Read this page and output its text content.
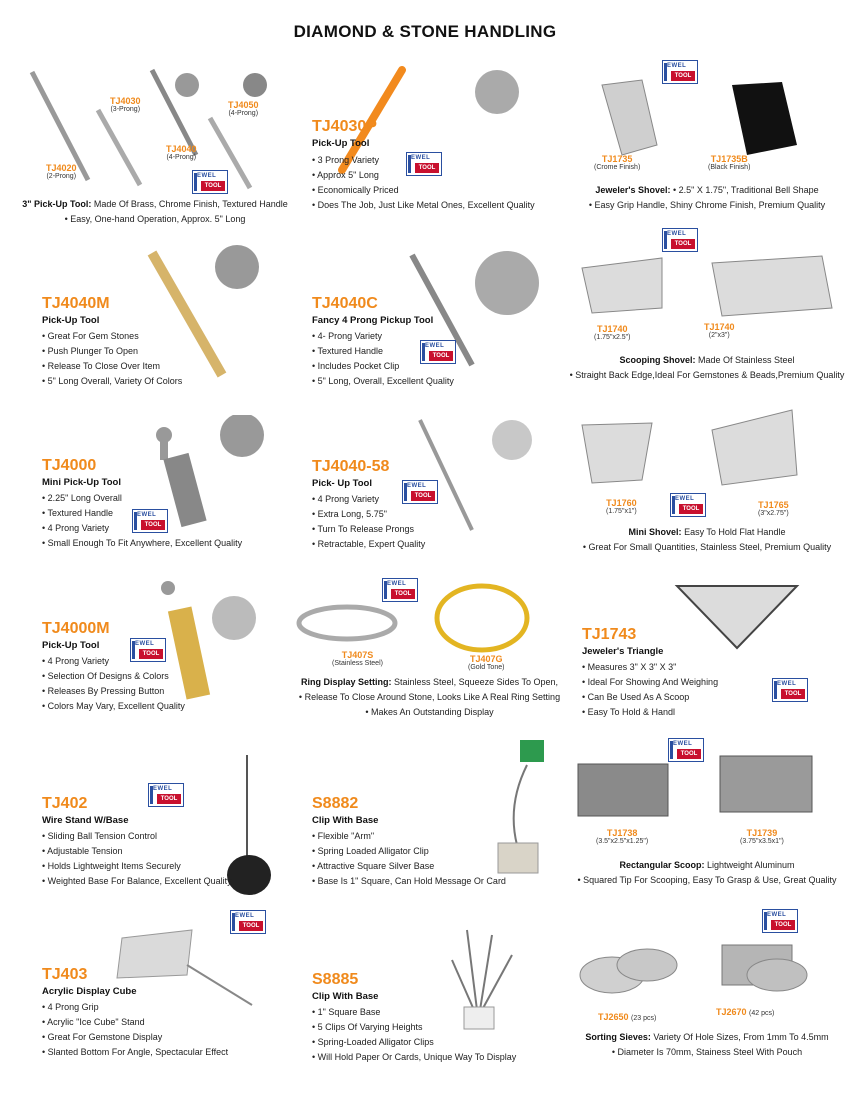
DIAMOND & STONE HANDLING
TJ4030
(3-Prong)	TJ4050
(4-Prong)
TJ4040
(4-Prong)
TJ4020
(2-Prong)	EWEL
TOOL
3" Pick-Up Tool: Made Of Brass, Chrome Finish, Textured Handle
• Easy, One-hand Operation, Approx. 5" Long
TJ4030P
Pick-Up Tool
• 3 Prong Variety
• Approx 5" Long
• Economically Priced
• Does The Job, Just Like Metal Ones, Excellent Quality
EWEL
TOOL
EWEL
TOOL
TJ1735
(Crome Finish)
TJ1735B
(Black Finish)
Jeweler's Shovel: • 2.5" X 1.75", Traditional Bell Shape
• Easy Grip Handle, Shiny Chrome Finish, Premium Quality
TJ4040M
Pick-Up Tool
• Great For Gem Stones
• Push Plunger To Open
• Release To Close Over Item
• 5" Long Overall, Variety Of Colors
TJ4040C
Fancy 4 Prong Pickup Tool
• 4- Prong Variety
• Textured Handle
• Includes Pocket Clip
• 5" Long, Overall, Excellent Quality
EWEL
TOOL
EWEL
TOOL
TJ1740
(1.75"x2.5")
TJ1740
(2"x3")
Scooping Shovel: Made Of Stainless Steel
• Straight Back Edge,Ideal For Gemstones & Beads,Premium Quality
TJ4000
Mini Pick-Up Tool
• 2.25" Long Overall
• Textured Handle
• 4 Prong Variety
• Small Enough To Fit Anywhere, Excellent Quality
EWEL
TOOL
TJ4040-58
Pick- Up Tool
• 4 Prong Variety
• Extra Long, 5.75"
• Turn To Release Prongs
• Retractable, Expert Quality
EWEL
TOOL
TJ1760
(1.75"x1")
EWEL
TOOL	TJ1765
(3"x2.75")
Mini Shovel: Easy To Hold Flat Handle
• Great For Small Quantities, Stainless Steel, Premium Quality
TJ4000M
Pick-Up Tool
• 4 Prong Variety
• Selection Of Designs & Colors
• Releases By Pressing Button
• Colors May Vary, Excellent Quality
EWEL
TOOL
EWEL
TOOL
TJ407S
(Stainless Steel)	TJ407G
(Gold Tone)
Ring Display Setting: Stainless Steel, Squeeze Sides To Open,
• Release To Close Around Stone, Looks Like A Real Ring Setting
• Makes An Outstanding Display
TJ1743
Jeweler's Triangle
• Measures 3" X 3" X 3"
• Ideal For Showing And Weighing
• Can Be Used As A Scoop
• Easy To Hold & Handl
EWEL
TOOL
EWEL
TOOL
TJ402
Wire Stand W/Base
• Sliding Ball Tension Control
• Adjustable Tension
• Holds Lightweight Items Securely
• Weighted Base For Balance, Excellent Quality
S8882
Clip With Base
• Flexible "Arm"
• Spring Loaded Alligator Clip
• Attractive Square Silver Base
• Base Is 1" Square, Can Hold Message Or Card
EWEL
TOOL
TJ1738
(3.5"x2.5"x1.25")
TJ1739
(3.75"x3.5x1")
Rectangular Scoop: Lightweight Aluminum
• Squared Tip For Scooping, Easy To Grasp & Use, Great Quality
EWEL
TOOL
TJ403
Acrylic Display Cube
• 4 Prong Grip
• Acrylic "Ice Cube" Stand
• Great For Gemstone Display
• Slanted Bottom For Angle, Spectacular Effect
S8885
Clip With Base
• 1" Square Base
• 5 Clips Of Varying Heights
• Spring-Loaded Alligator Clips
• Will Hold Paper Or Cards, Unique Way To Display
EWEL
TOOL
TJ2650 (23 pcs)
TJ2670 (42 pcs)
Sorting Sieves: Variety Of Hole Sizes, From 1mm To 4.5mm
• Diameter Is 70mm, Stainess Steel With Pouch
